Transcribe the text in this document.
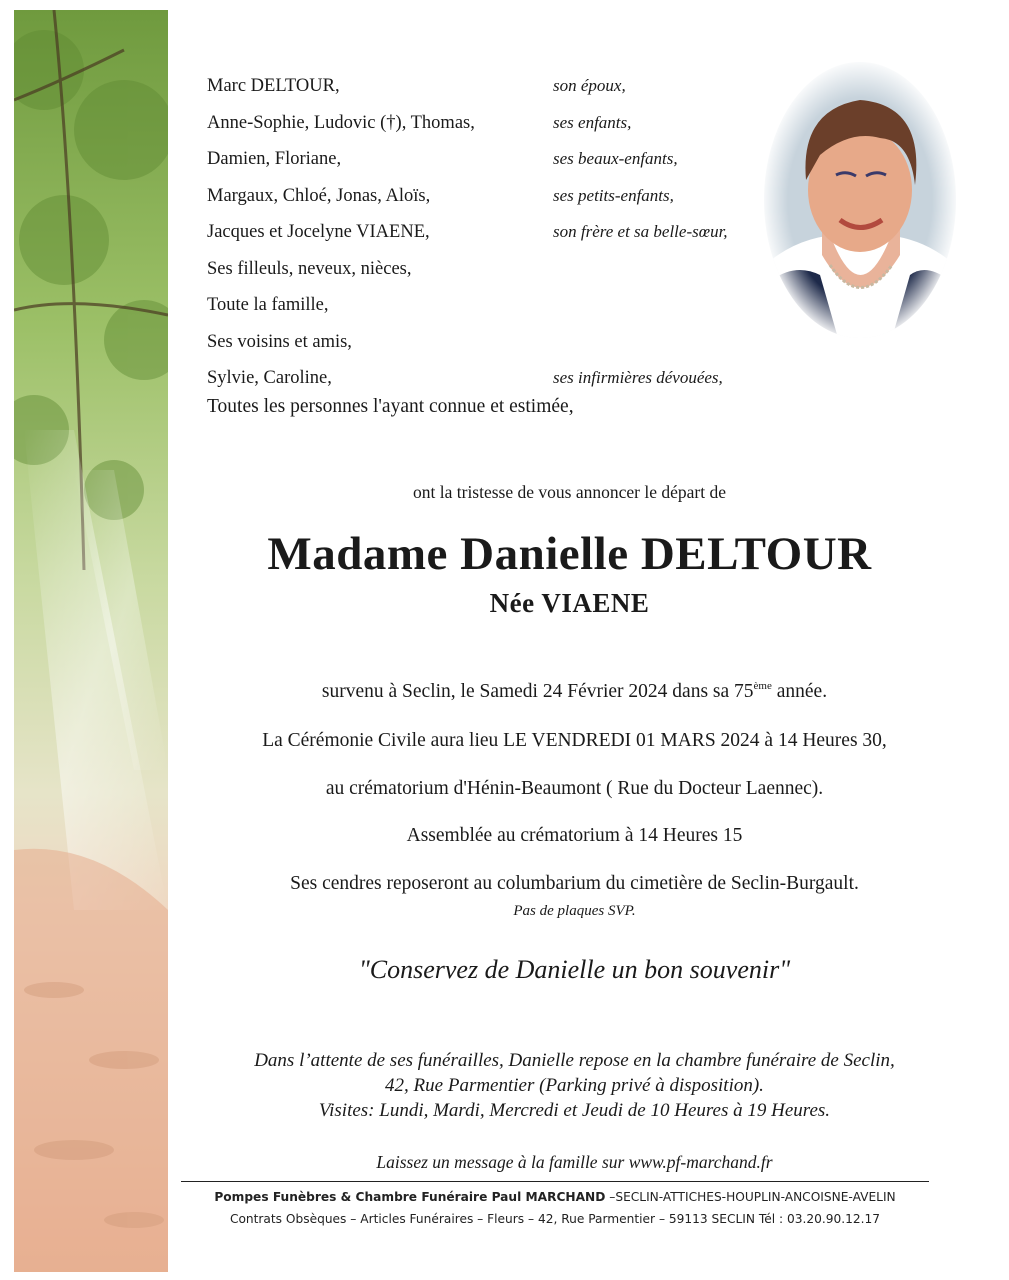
Marc DELTOUR,	son époux,
Anne-Sophie, Ludovic (†), Thomas,	ses enfants,
Damien, Floriane,	ses beaux-enfants,
Margaux, Chloé, Jonas, Aloïs,	ses petits-enfants,
Jacques et Jocelyne VIAENE,	son frère et sa belle-sœur,
Ses filleuls, neveux, nièces,
Toute la famille,
Ses voisins et amis,
Sylvie, Caroline,	ses infirmières dévouées,
Toutes les personnes l'ayant connue et estimée,
ont la tristesse de vous annoncer le départ de
Madame Danielle DELTOUR
Née VIAENE
survenu à Seclin, le Samedi 24 Février 2024 dans sa 75ème année.
La Cérémonie Civile aura lieu LE VENDREDI 01 MARS 2024 à 14 Heures 30,
au crématorium d'Hénin-Beaumont ( Rue du Docteur Laennec).
Assemblée au crématorium à 14 Heures 15
Ses cendres reposeront au columbarium du cimetière de Seclin-Burgault.
Pas de plaques SVP.
"Conservez de Danielle un bon souvenir"
Dans l’attente de ses funérailles, Danielle repose en la chambre funéraire de Seclin,
42, Rue Parmentier (Parking privé à disposition).
Visites: Lundi, Mardi, Mercredi et Jeudi de 10 Heures à 19 Heures.
Laissez un message à la famille sur www.pf-marchand.fr
Pompes Funèbres & Chambre Funéraire Paul MARCHAND –SECLIN-ATTICHES-HOUPLIN-ANCOISNE-AVELIN
Contrats Obsèques – Articles Funéraires – Fleurs – 42, Rue Parmentier – 59113 SECLIN Tél : 03.20.90.12.17
